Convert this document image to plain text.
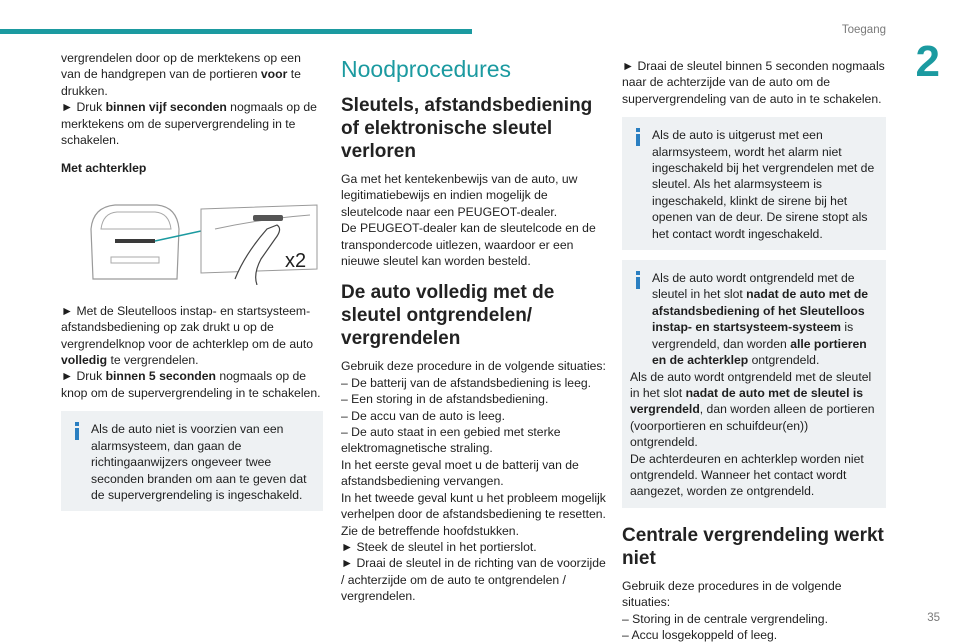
Toegang
2
35

vergrendelen door op de merktekens op een van de handgrepen van de portieren voor te drukken.

► Druk binnen vijf seconden nogmaals op de merktekens om de supervergrendeling in te schakelen.

Met achterklep

x2

► Met de Sleutelloos instap- en startsysteem-afstandsbediening op zak drukt u op de vergrendelknop voor de achterklep om de auto volledig te vergrendelen.

► Druk binnen 5 seconden nogmaals op de knop om de supervergrendeling in te schakelen.

Als de auto niet is voorzien van een alarmsysteem, dan gaan de richtingaanwijzers ongeveer twee seconden branden om aan te geven dat de supervergrendeling is ingeschakeld.

Noodprocedures
Sleutels, afstandsbediening of elektronische sleutel verloren

Ga met het kentekenbewijs van de auto, uw legitimatiebewijs en indien mogelijk de sleutelcode naar een PEUGEOT-dealer.

De PEUGEOT-dealer kan de sleutelcode en de transpondercode uitlezen, waardoor er een nieuwe sleutel kan worden besteld.

De auto volledig met de sleutel ontgrendelen/ vergrendelen

Gebruik deze procedure in de volgende situaties:

– De batterij van de afstandsbediening is leeg.

– Een storing in de afstandsbediening.

– De accu van de auto is leeg.

– De auto staat in een gebied met sterke elektromagnetische straling.

In het eerste geval moet u de batterij van de afstandsbediening vervangen.

In het tweede geval kunt u het probleem mogelijk verhelpen door de afstandsbediening te resetten.

Zie de betreffende hoofdstukken.

► Steek de sleutel in het portierslot.

► Draai de sleutel in de richting van de voorzijde / achterzijde om de auto te ontgrendelen / vergrendelen.

► Draai de sleutel binnen 5 seconden nogmaals naar de achterzijde van de auto om de supervergrendeling van de auto in te schakelen.

Als de auto is uitgerust met een alarmsysteem, wordt het alarm niet ingeschakeld bij het vergrendelen met de sleutel. Als het alarmsysteem is ingeschakeld, klinkt de sirene bij het openen van de deur. De sirene stopt als het contact wordt ingeschakeld.

Als de auto wordt ontgrendeld met de sleutel in het slot nadat de auto met de afstandsbediening of het Sleutelloos instap- en startsysteem-systeem is vergrendeld, dan worden alle portieren en de achterklep ontgrendeld.

Als de auto wordt ontgrendeld met de sleutel in het slot nadat de auto met de sleutel is vergrendeld, dan worden alleen de portieren (voorportieren en schuifdeur(en)) ontgrendeld.

De achterdeuren en achterklep worden niet ontgrendeld. Wanneer het contact wordt aangezet, worden ze ontgrendeld.

Centrale vergrendeling werkt niet

Gebruik deze procedures in de volgende situaties:

– Storing in de centrale vergrendeling.

– Accu losgekoppeld of leeg.
